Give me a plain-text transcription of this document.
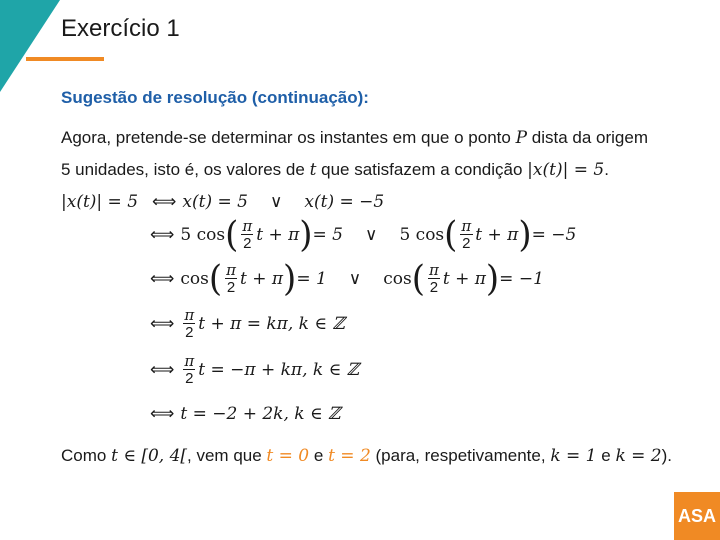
Exercício 1
Sugestão de resolução (continuação):
Agora, pretende-se determinar os instantes em que o ponto P dista da origem
5 unidades, isto é, os valores de t que satisfazem a condição |x(t)| = 5.
|x(t)| = 5 ⟺ x(t) = 5 ∨ x(t) = −5
⟺ 5 cos ( $\frac{\pi}{2}$ t + π ) = 5 ∨ 5 cos ( $\frac{\pi}{2}$ t + π ) = −5
⟺ cos ( $\frac{\pi}{2}$ t + π ) = 1 ∨ cos ( $\frac{\pi}{2}$ t + π ) = −1
⟺ $\frac{\pi}{2}$ t + π = kπ , k ∈ ℤ
⟺ $\frac{\pi}{2}$ t = −π + kπ , k ∈ ℤ
⟺ t = −2 + 2k, k ∈ ℤ
Como t ∈ [0, 4[, vem que t = 0 e t = 2 (para, respetivamente, k = 1 e k = 2).
ASA
